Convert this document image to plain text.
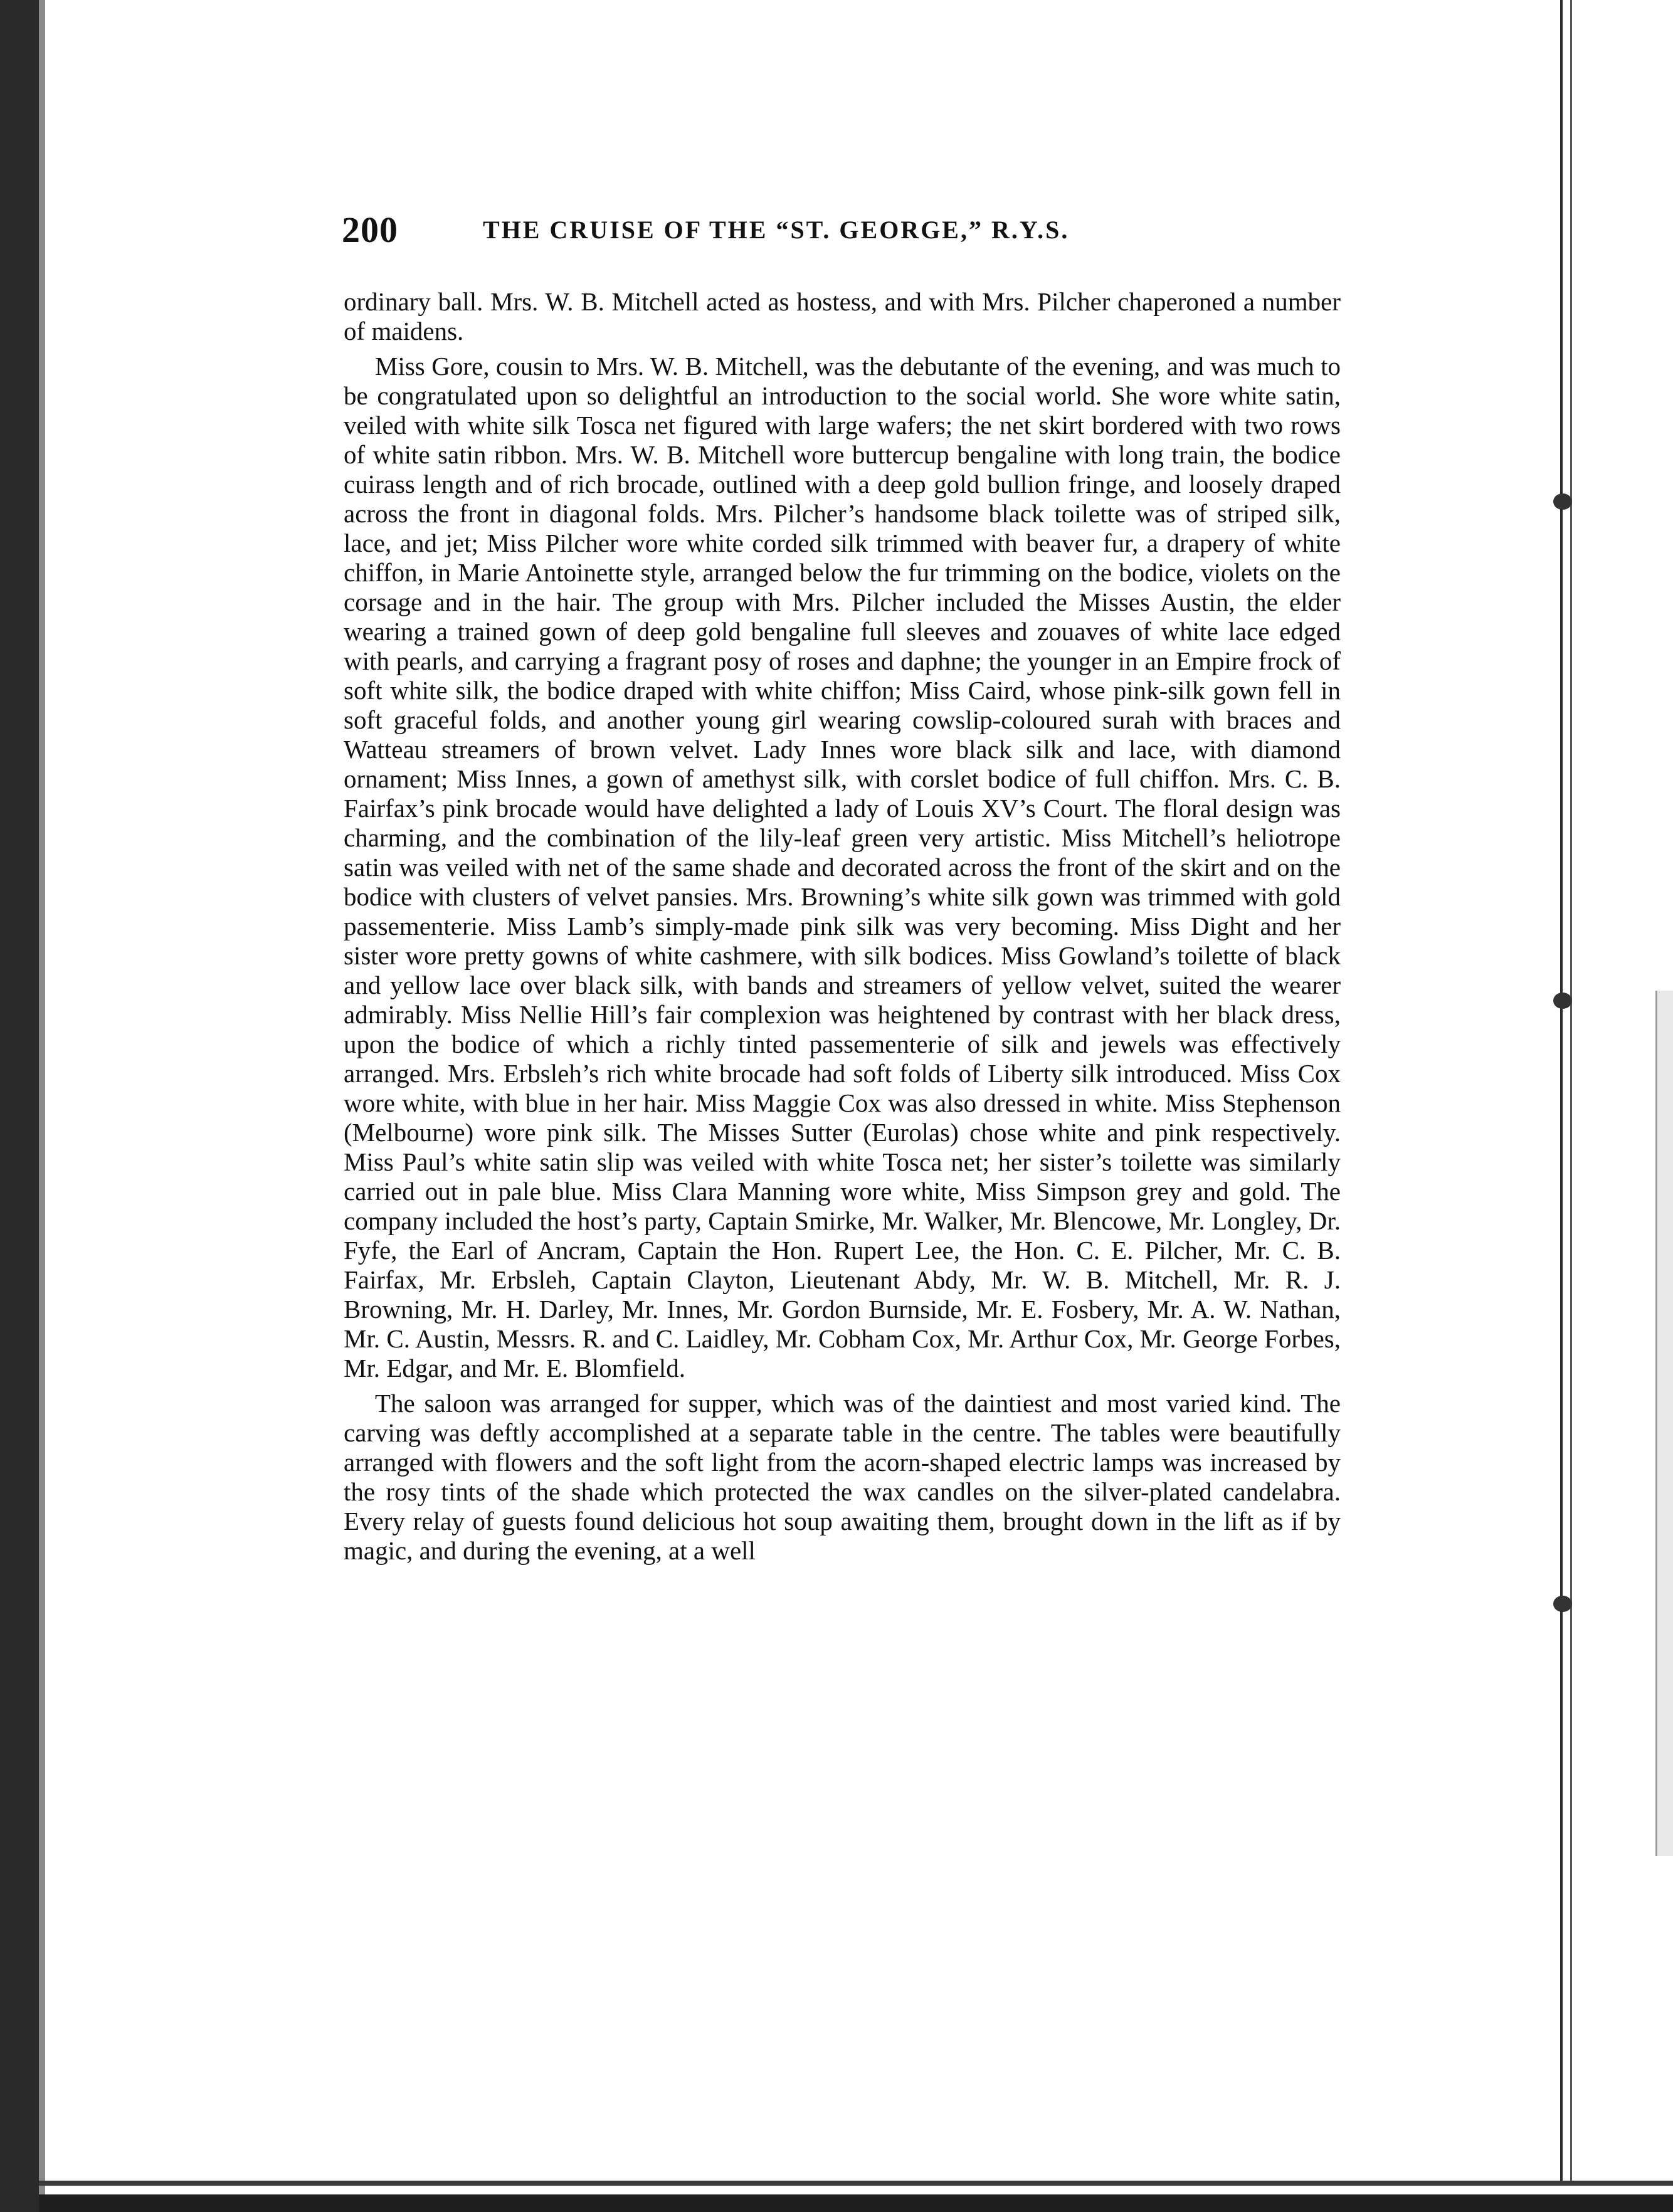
200	THE CRUISE OF THE “ST. GEORGE,” R.Y.S.

ordinary ball. Mrs. W. B. Mitchell acted as hostess, and with Mrs. Pilcher chaperoned a number of maidens.

Miss Gore, cousin to Mrs. W. B. Mitchell, was the debutante of the evening, and was much to be congratulated upon so delightful an introduction to the social world. She wore white satin, veiled with white silk Tosca net figured with large wafers; the net skirt bordered with two rows of white satin ribbon. Mrs. W. B. Mitchell wore buttercup bengaline with long train, the bodice cuirass length and of rich brocade, outlined with a deep gold bullion fringe, and loosely draped across the front in diagonal folds. Mrs. Pilcher’s handsome black toilette was of striped silk, lace, and jet; Miss Pilcher wore white corded silk trimmed with beaver fur, a drapery of white chiffon, in Marie Antoinette style, arranged below the fur trimming on the bodice, violets on the corsage and in the hair. The group with Mrs. Pilcher included the Misses Austin, the elder wearing a trained gown of deep gold bengaline full sleeves and zouaves of white lace edged with pearls, and carrying a fragrant posy of roses and daphne; the younger in an Empire frock of soft white silk, the bodice draped with white chiffon; Miss Caird, whose pink-silk gown fell in soft graceful folds, and another young girl wearing cowslip-coloured surah with braces and Watteau streamers of brown velvet. Lady Innes wore black silk and lace, with diamond ornament; Miss Innes, a gown of amethyst silk, with corslet bodice of full chiffon. Mrs. C. B. Fairfax’s pink brocade would have delighted a lady of Louis XV’s Court. The floral design was charming, and the combination of the lily-leaf green very artistic. Miss Mitchell’s heliotrope satin was veiled with net of the same shade and decorated across the front of the skirt and on the bodice with clusters of velvet pansies. Mrs. Browning’s white silk gown was trimmed with gold passementerie. Miss Lamb’s simply-made pink silk was very becoming. Miss Dight and her sister wore pretty gowns of white cashmere, with silk bodices. Miss Gowland’s toilette of black and yellow lace over black silk, with bands and streamers of yellow velvet, suited the wearer admirably. Miss Nellie Hill’s fair complexion was heightened by contrast with her black dress, upon the bodice of which a richly tinted passementerie of silk and jewels was effectively arranged. Mrs. Erbsleh’s rich white brocade had soft folds of Liberty silk introduced. Miss Cox wore white, with blue in her hair. Miss Maggie Cox was also dressed in white. Miss Stephenson (Melbourne) wore pink silk. The Misses Sutter (Eurolas) chose white and pink respectively. Miss Paul’s white satin slip was veiled with white Tosca net; her sister’s toilette was similarly carried out in pale blue. Miss Clara Manning wore white, Miss Simpson grey and gold. The company included the host’s party, Captain Smirke, Mr. Walker, Mr. Blencowe, Mr. Longley, Dr. Fyfe, the Earl of Ancram, Captain the Hon. Rupert Lee, the Hon. C. E. Pilcher, Mr. C. B. Fairfax, Mr. Erbsleh, Captain Clayton, Lieutenant Abdy, Mr. W. B. Mitchell, Mr. R. J. Browning, Mr. H. Darley, Mr. Innes, Mr. Gordon Burnside, Mr. E. Fosbery, Mr. A. W. Nathan, Mr. C. Austin, Messrs. R. and C. Laidley, Mr. Cobham Cox, Mr. Arthur Cox, Mr. George Forbes, Mr. Edgar, and Mr. E. Blomfield.

The saloon was arranged for supper, which was of the daintiest and most varied kind. The carving was deftly accomplished at a separate table in the centre. The tables were beautifully arranged with flowers and the soft light from the acorn-shaped electric lamps was increased by the rosy tints of the shade which protected the wax candles on the silver-plated candelabra. Every relay of guests found delicious hot soup awaiting them, brought down in the lift as if by magic, and during the evening, at a well
